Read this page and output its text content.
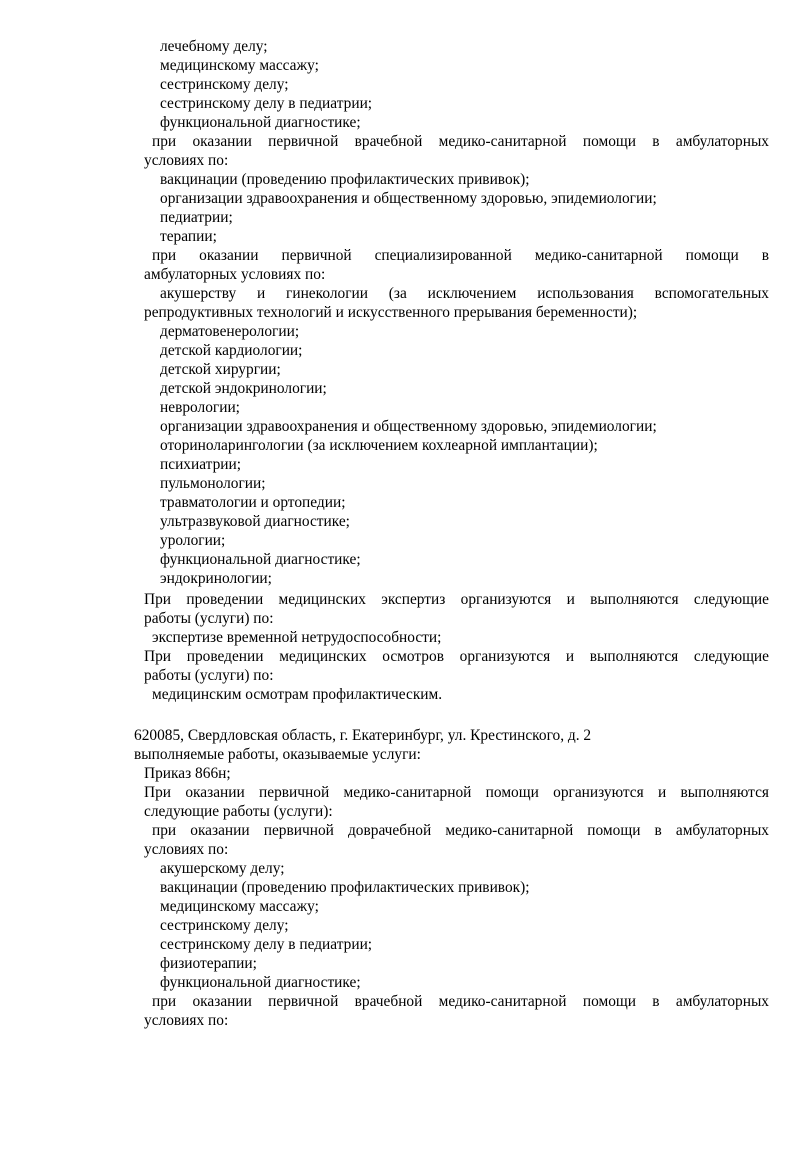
лечебному делу;
медицинскому массажу;
сестринскому делу;
сестринскому делу в педиатрии;
функциональной диагностике;
при оказании первичной врачебной медико-санитарной помощи в амбулаторных
условиях по:
вакцинации (проведению профилактических прививок);
организации здравоохранения и общественному здоровью, эпидемиологии;
педиатрии;
терапии;
при оказании первичной специализированной медико-санитарной помощи в
амбулаторных условиях по:
акушерству и гинекологии (за исключением использования вспомогательных
репродуктивных технологий и искусственного прерывания беременности);
дерматовенерологии;
детской кардиологии;
детской хирургии;
детской эндокринологии;
неврологии;
организации здравоохранения и общественному здоровью, эпидемиологии;
оториноларингологии (за исключением кохлеарной имплантации);
психиатрии;
пульмонологии;
травматологии и ортопедии;
ультразвуковой диагностике;
урологии;
функциональной диагностике;
эндокринологии;
При проведении медицинских экспертиз организуются и выполняются следующие
работы (услуги) по:
экспертизе временной нетрудоспособности;
При проведении медицинских осмотров организуются и выполняются следующие
работы (услуги) по:
медицинским осмотрам профилактическим.
620085, Свердловская область, г. Екатеринбург, ул. Крестинского, д. 2
выполняемые работы, оказываемые услуги:
Приказ 866н;
При оказании первичной медико-санитарной помощи организуются и выполняются
следующие работы (услуги):
при оказании первичной доврачебной медико-санитарной помощи в амбулаторных
условиях по:
акушерскому делу;
вакцинации (проведению профилактических прививок);
медицинскому массажу;
сестринскому делу;
сестринскому делу в педиатрии;
физиотерапии;
функциональной диагностике;
при оказании первичной врачебной медико-санитарной помощи в амбулаторных
условиях по:
